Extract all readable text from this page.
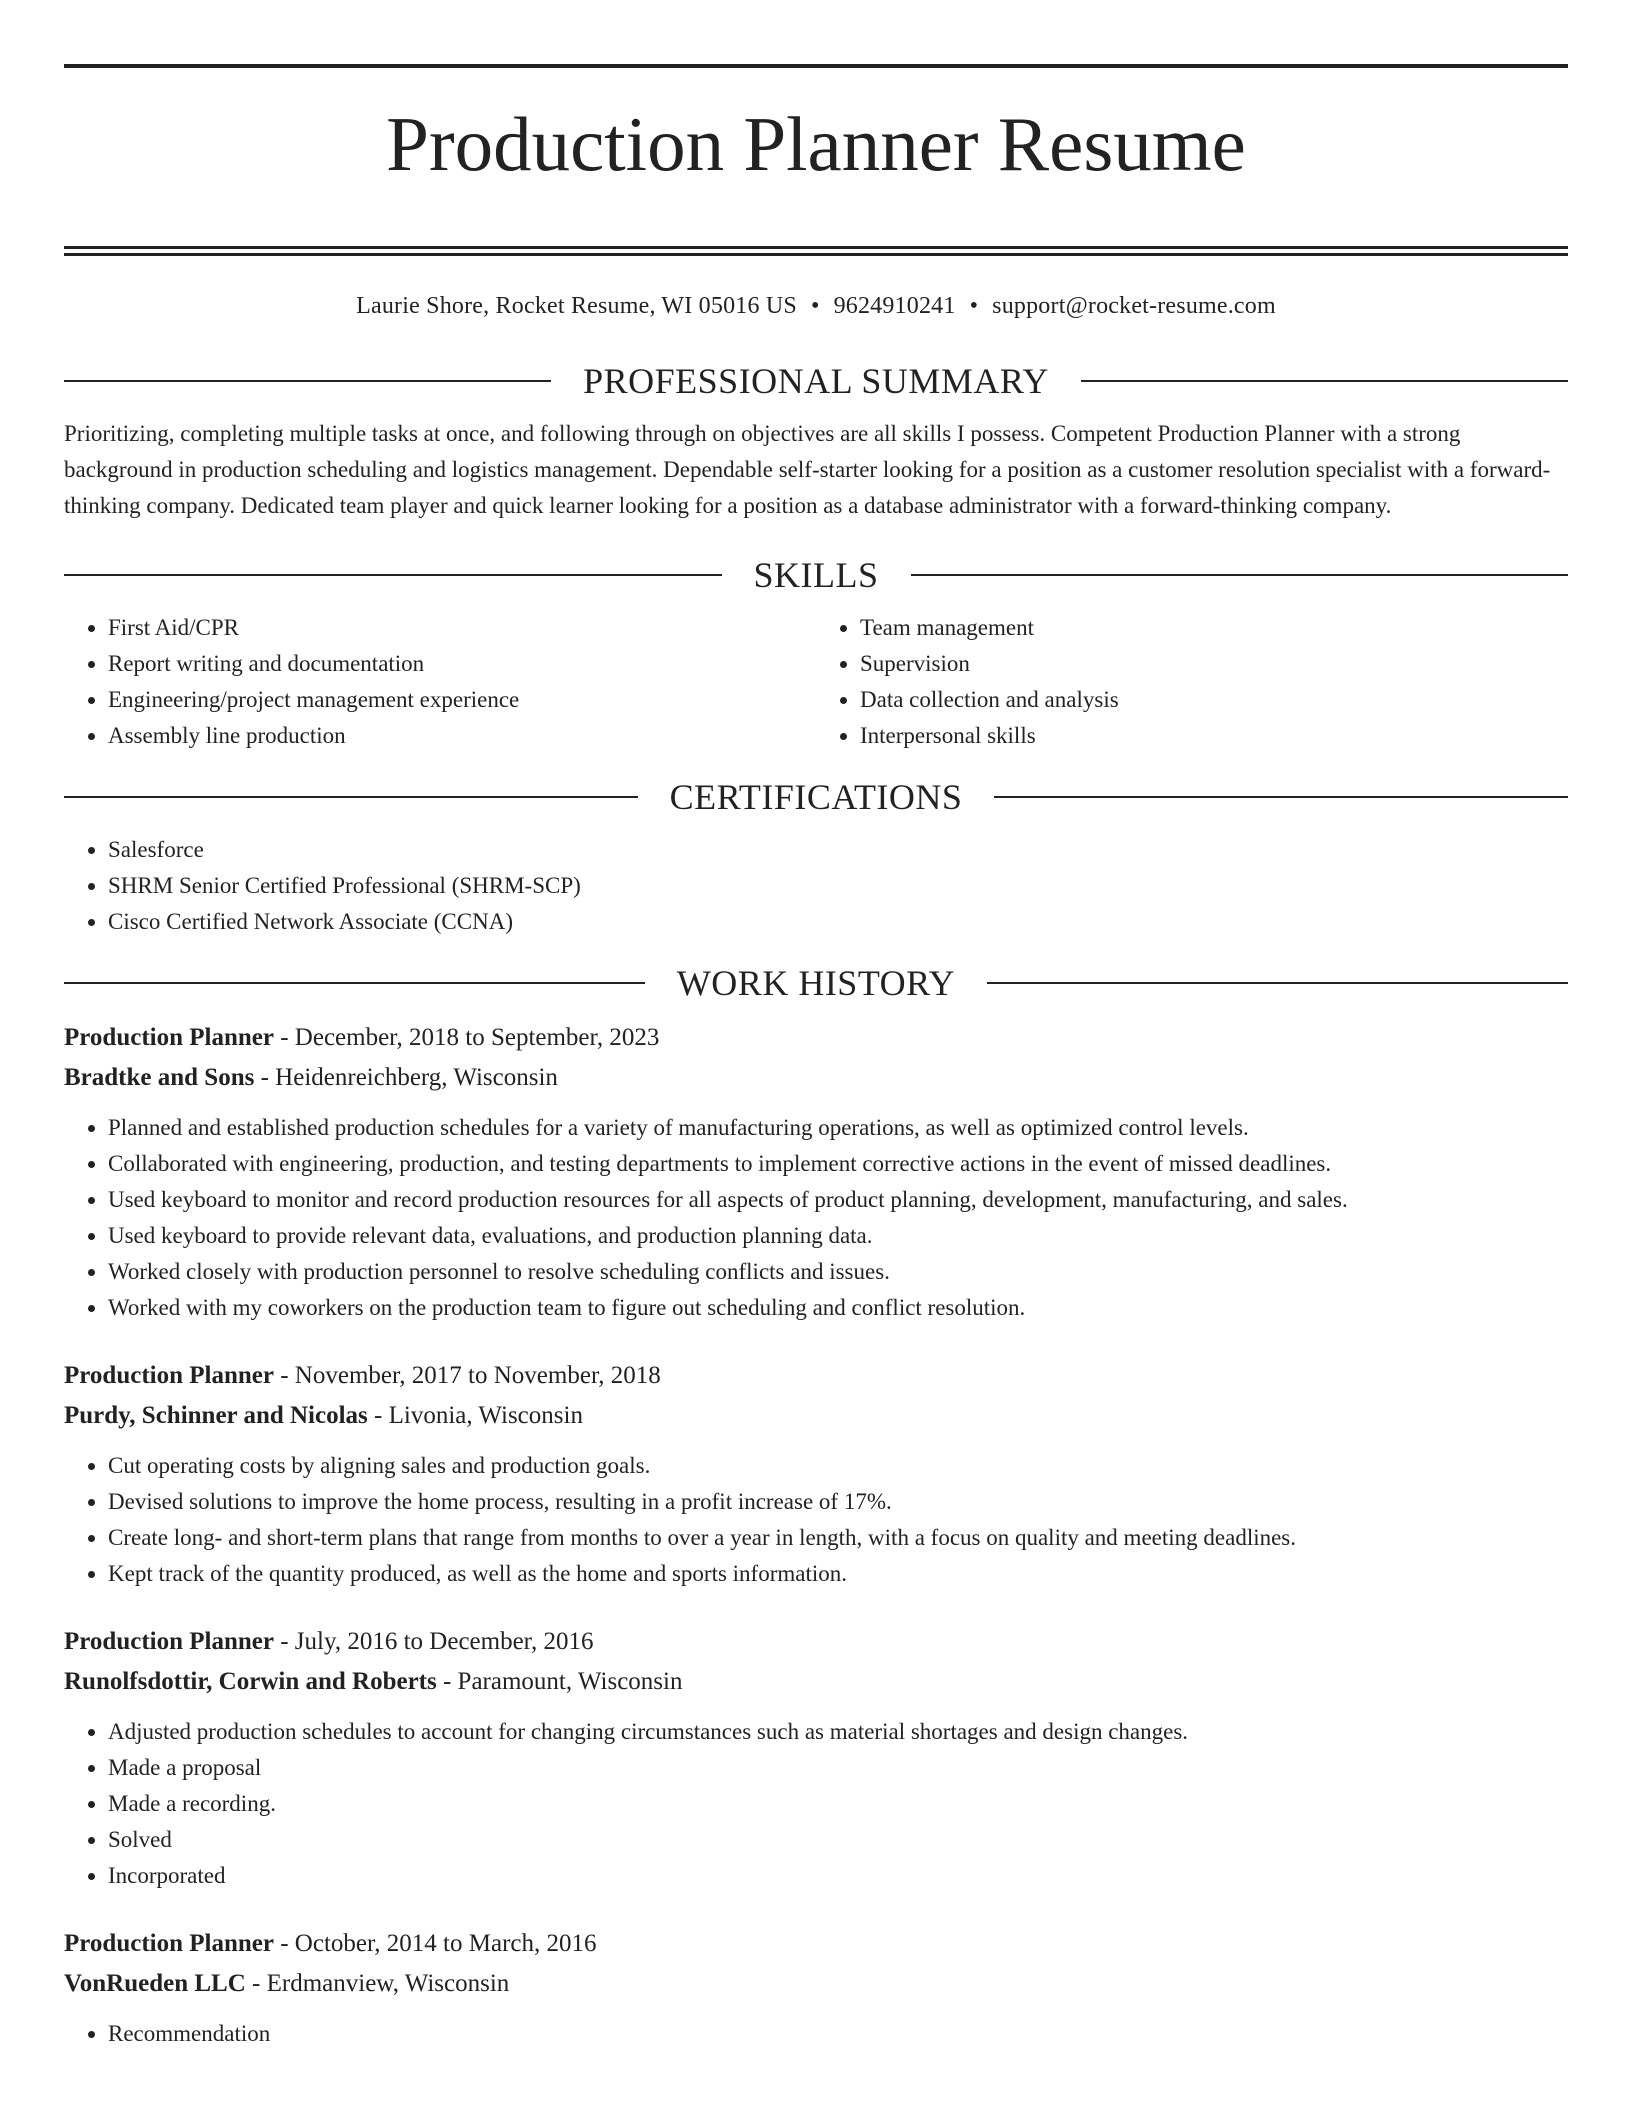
Production Planner Resume
Laurie Shore, Rocket Resume, WI 05016 US • 9624910241 • support@rocket-resume.com
PROFESSIONAL SUMMARY

Prioritizing, completing multiple tasks at once, and following through on objectives are all skills I possess. Competent Production Planner with a strong background in production scheduling and logistics management. Dependable self-starter looking for a position as a customer resolution specialist with a forward-thinking company. Dedicated team player and quick learner looking for a position as a database administrator with a forward-thinking company.

SKILLS
• First Aid/CPR
• Report writing and documentation
• Engineering/project management experience
• Assembly line production
• Team management
• Supervision
• Data collection and analysis
• Interpersonal skills
CERTIFICATIONS
• Salesforce
• SHRM Senior Certified Professional (SHRM-SCP)
• Cisco Certified Network Associate (CCNA)
WORK HISTORY
Production Planner - December, 2018 to September, 2023
Bradtke and Sons - Heidenreichberg, Wisconsin
• Planned and established production schedules for a variety of manufacturing operations, as well as optimized control levels.
• Collaborated with engineering, production, and testing departments to implement corrective actions in the event of missed deadlines.
• Used keyboard to monitor and record production resources for all aspects of product planning, development, manufacturing, and sales.
• Used keyboard to provide relevant data, evaluations, and production planning data.
• Worked closely with production personnel to resolve scheduling conflicts and issues.
• Worked with my coworkers on the production team to figure out scheduling and conflict resolution.
Production Planner - November, 2017 to November, 2018
Purdy, Schinner and Nicolas - Livonia, Wisconsin
• Cut operating costs by aligning sales and production goals.
• Devised solutions to improve the home process, resulting in a profit increase of 17%.
• Create long- and short-term plans that range from months to over a year in length, with a focus on quality and meeting deadlines.
• Kept track of the quantity produced, as well as the home and sports information.
Production Planner - July, 2016 to December, 2016
Runolfsdottir, Corwin and Roberts - Paramount, Wisconsin
• Adjusted production schedules to account for changing circumstances such as material shortages and design changes.
• Made a proposal
• Made a recording.
• Solved
• Incorporated
Production Planner - October, 2014 to March, 2016
VonRueden LLC - Erdmanview, Wisconsin
• Recommendation
